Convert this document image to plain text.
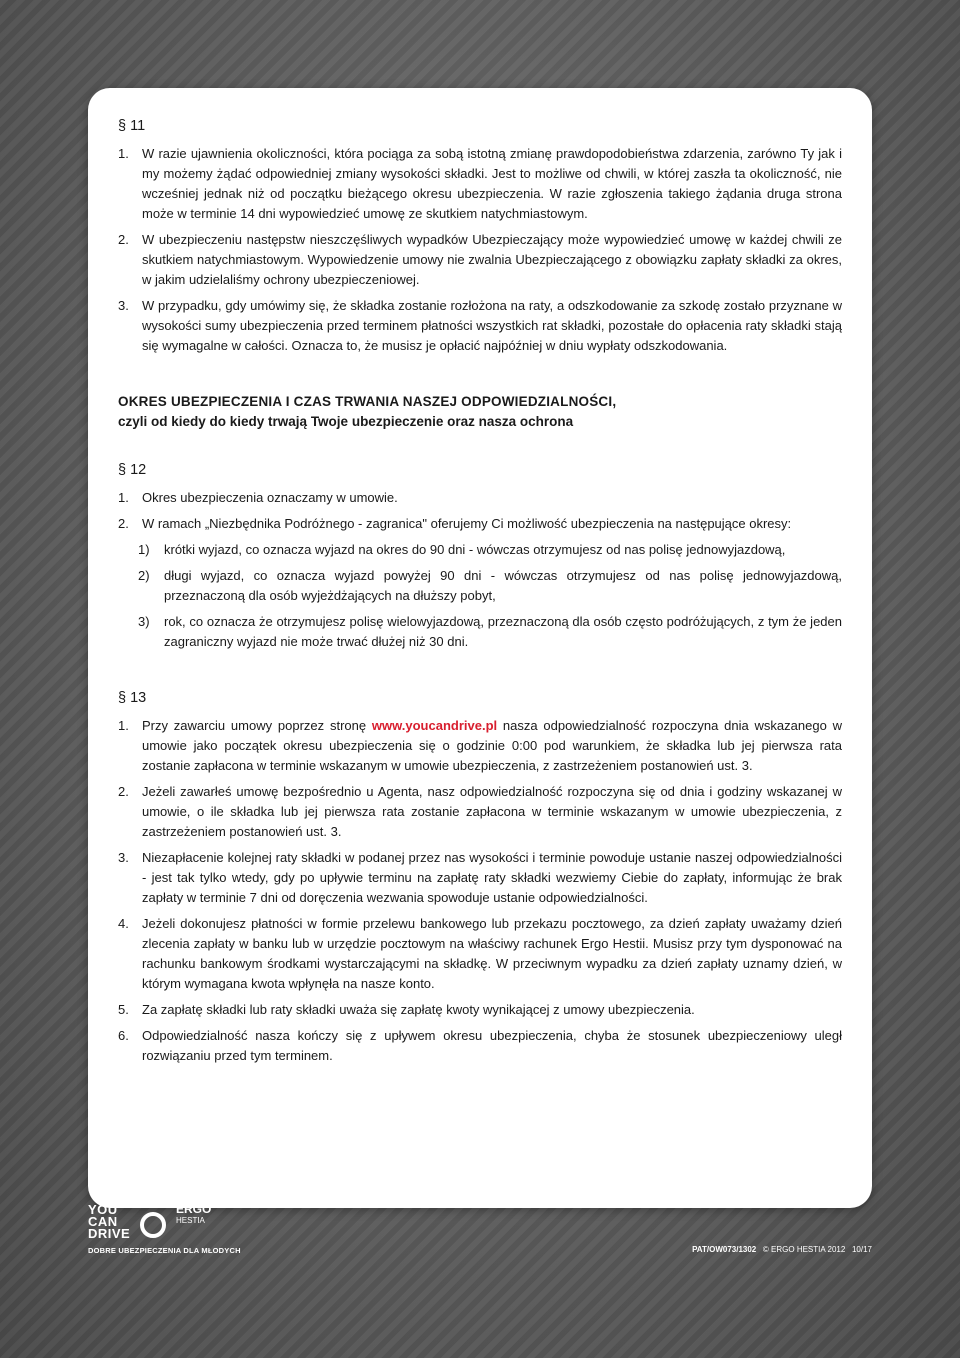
§ 11
1.	W razie ujawnienia okoliczności, która pociąga za sobą istotną zmianę prawdopodobieństwa zdarzenia, zarówno Ty jak i my możemy żądać odpowiedniej zmiany wysokości składki. Jest to możliwe od chwili, w której zaszła ta okoliczność, nie wcześniej jednak niż od początku bieżącego okresu ubezpieczenia. W razie zgłoszenia takiego żądania druga strona może w terminie 14 dni wypowiedzieć umowę ze skutkiem natychmiastowym.
2.	W ubezpieczeniu następstw nieszczęśliwych wypadków Ubezpieczający może wypowiedzieć umowę w każdej chwili ze skutkiem natychmiastowym. Wypowiedzenie umowy nie zwalnia Ubezpieczającego z obowiązku zapłaty składki za okres, w jakim udzielaliśmy ochrony ubezpieczeniowej.
3.	W przypadku, gdy umówimy się, że składka zostanie rozłożona na raty, a odszkodowanie za szkodę zostało przyznane w wysokości sumy ubezpieczenia przed terminem płatności wszystkich rat składki, pozostałe do opłacenia raty składki stają się wymagalne w całości. Oznacza to, że musisz je opłacić najpóźniej w dniu wypłaty odszkodowania.
OKRES UBEZPIECZENIA I CZAS TRWANIA NASZEJ ODPOWIEDZIALNOŚCI,
czyli od kiedy do kiedy trwają Twoje ubezpieczenie oraz nasza ochrona
§ 12
1.	Okres ubezpieczenia oznaczamy w umowie.
2.	W ramach „Niezbędnika Podróżnego - zagranica" oferujemy Ci możliwość ubezpieczenia na następujące okresy:
1)	krótki wyjazd, co oznacza wyjazd na okres do 90 dni - wówczas otrzymujesz od nas polisę jednowyjazdową,
2)	długi wyjazd, co oznacza wyjazd powyżej 90 dni - wówczas otrzymujesz od nas polisę jednowyjazdową, przeznaczoną dla osób wyjeżdżających na dłuższy pobyt,
3)	rok, co oznacza że otrzymujesz polisę wielowyjazdową, przeznaczoną dla osób często podróżujących, z tym że jeden zagraniczny wyjazd nie może trwać dłużej niż 30 dni.
§ 13
1.	Przy zawarciu umowy poprzez stronę www.youcandrive.pl nasza odpowiedzialność rozpoczyna dnia wskazanego w umowie jako początek okresu ubezpieczenia się o godzinie 0:00 pod warunkiem, że składka lub jej pierwsza rata zostanie zapłacona w terminie wskazanym w umowie ubezpieczenia, z zastrzeżeniem postanowień ust. 3.
2.	Jeżeli zawarłeś umowę bezpośrednio u Agenta, nasz odpowiedzialność rozpoczyna się od dnia i godziny wskazanej w umowie, o ile składka lub jej pierwsza rata zostanie zapłacona w terminie wskazanym w umowie ubezpieczenia, z zastrzeżeniem postanowień ust. 3.
3.	Niezapłacenie kolejnej raty składki w podanej przez nas wysokości i terminie powoduje ustanie naszej odpowiedzialności - jest tak tylko wtedy, gdy po upływie terminu na zapłatę raty składki wezwiemy Ciebie do zapłaty, informując że brak zapłaty w terminie 7 dni od doręczenia wezwania spowoduje ustanie odpowiedzialności.
4.	Jeżeli dokonujesz płatności w formie przelewu bankowego lub przekazu pocztowego, za dzień zapłaty uważamy dzień zlecenia zapłaty w banku lub w urzędzie pocztowym na właściwy rachunek Ergo Hestii. Musisz przy tym dysponować na rachunku bankowym środkami wystarczającymi na składkę. W przeciwnym wypadku za dzień zapłaty uznamy dzień, w którym wymagana kwota wpłynęła na nasze konto.
5.	Za zapłatę składki lub raty składki uważa się zapłatę kwoty wynikającej z umowy ubezpieczenia.
6.	Odpowiedzialność nasza kończy się z upływem okresu ubezpieczenia, chyba że stosunek ubezpieczeniowy uległ rozwiązaniu przed tym terminem.
YOU
CAN
DRIVE
ERGO
HESTIA
DOBRE UBEZPIECZENIA DLA MŁODYCH	PAT/OW073/1302 © ERGO HESTIA 2012 10/17
